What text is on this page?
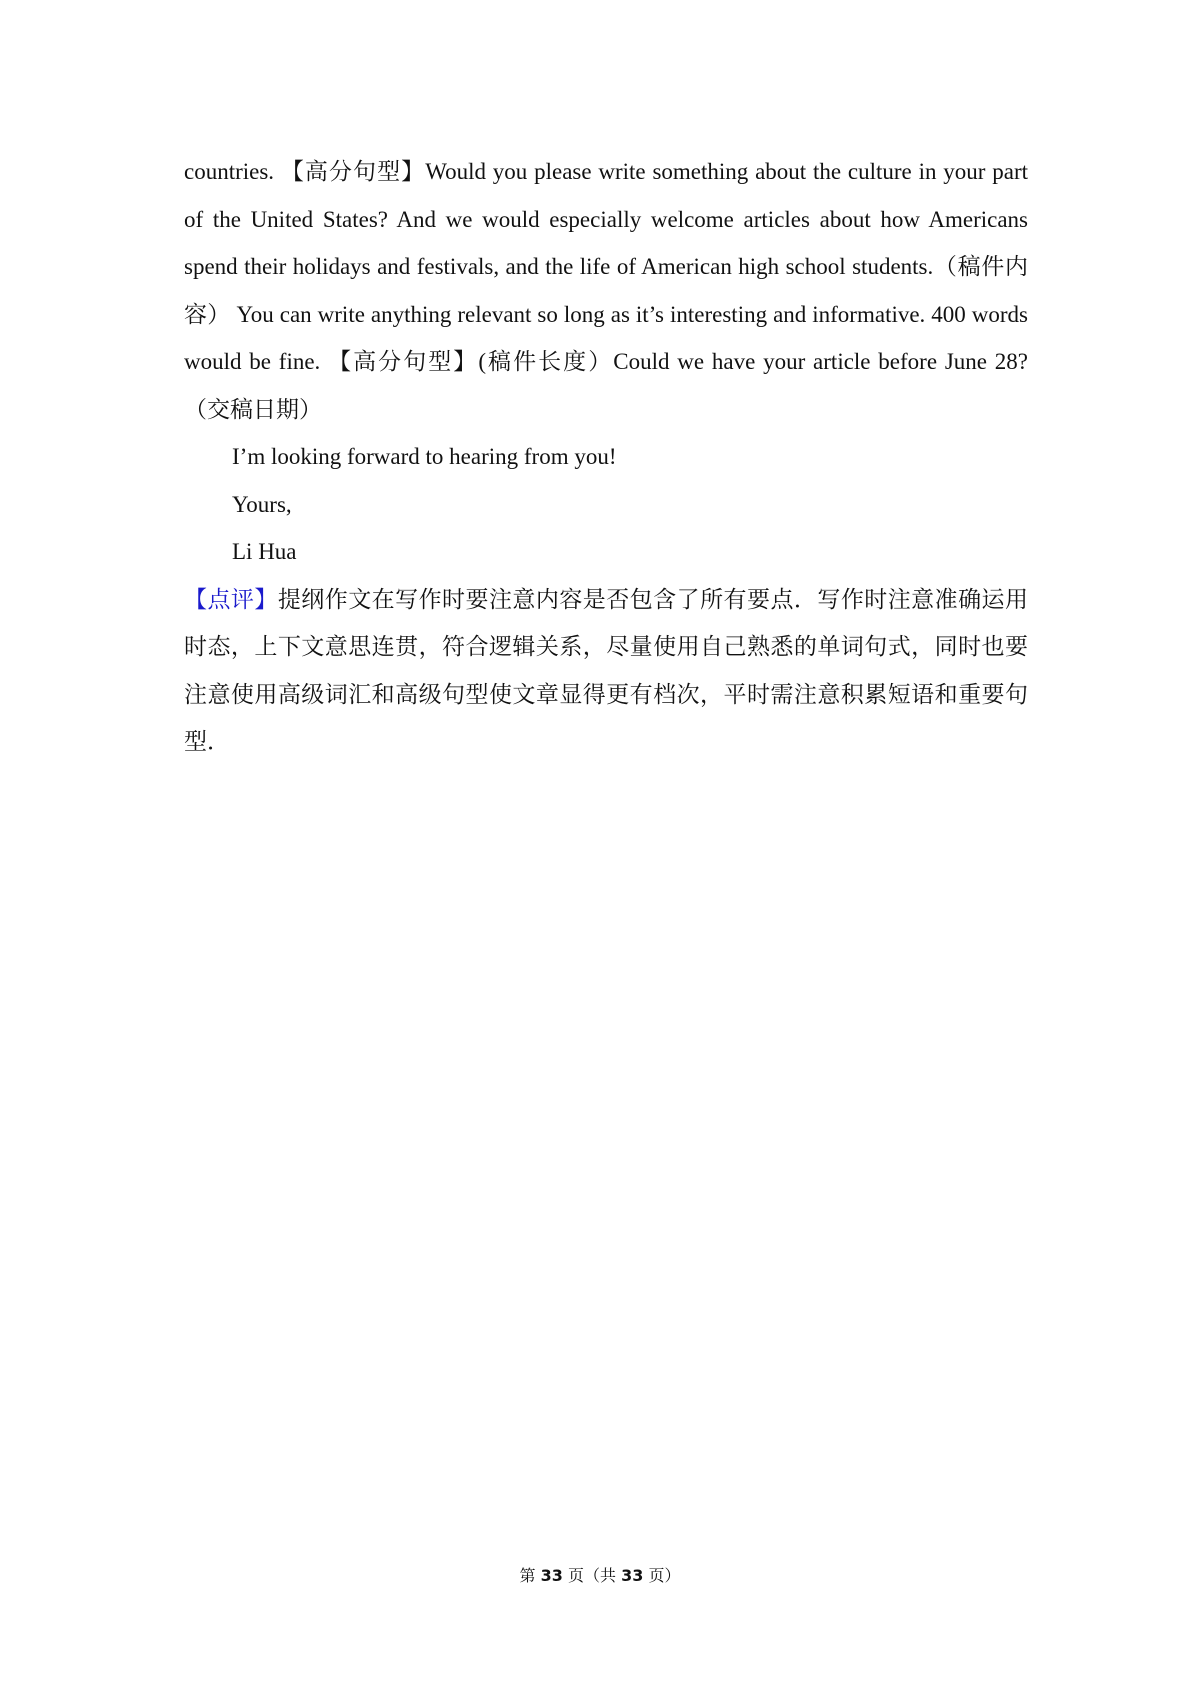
countries. 【高分句型】Would you please write something about the culture in your part of the United States? And we would especially welcome articles about how Americans spend their holidays and festivals, and the life of American high school students.（稿件内容） You can write anything relevant so long as it’s interesting and informative. 400 words would be fine. 【高分句型】(稿件长度）Could we have your article before June 28?（交稿日期）

I’m looking forward to hearing from you!

Yours,

Li Hua

【点评】提纲作文在写作时要注意内容是否包含了所有要点．写作时注意准确运用时态，上下文意思连贯，符合逻辑关系，尽量使用自己熟悉的单词句式，同时也要注意使用高级词汇和高级句型使文章显得更有档次，平时需注意积累短语和重要句型．

第 33 页（共 33 页）
